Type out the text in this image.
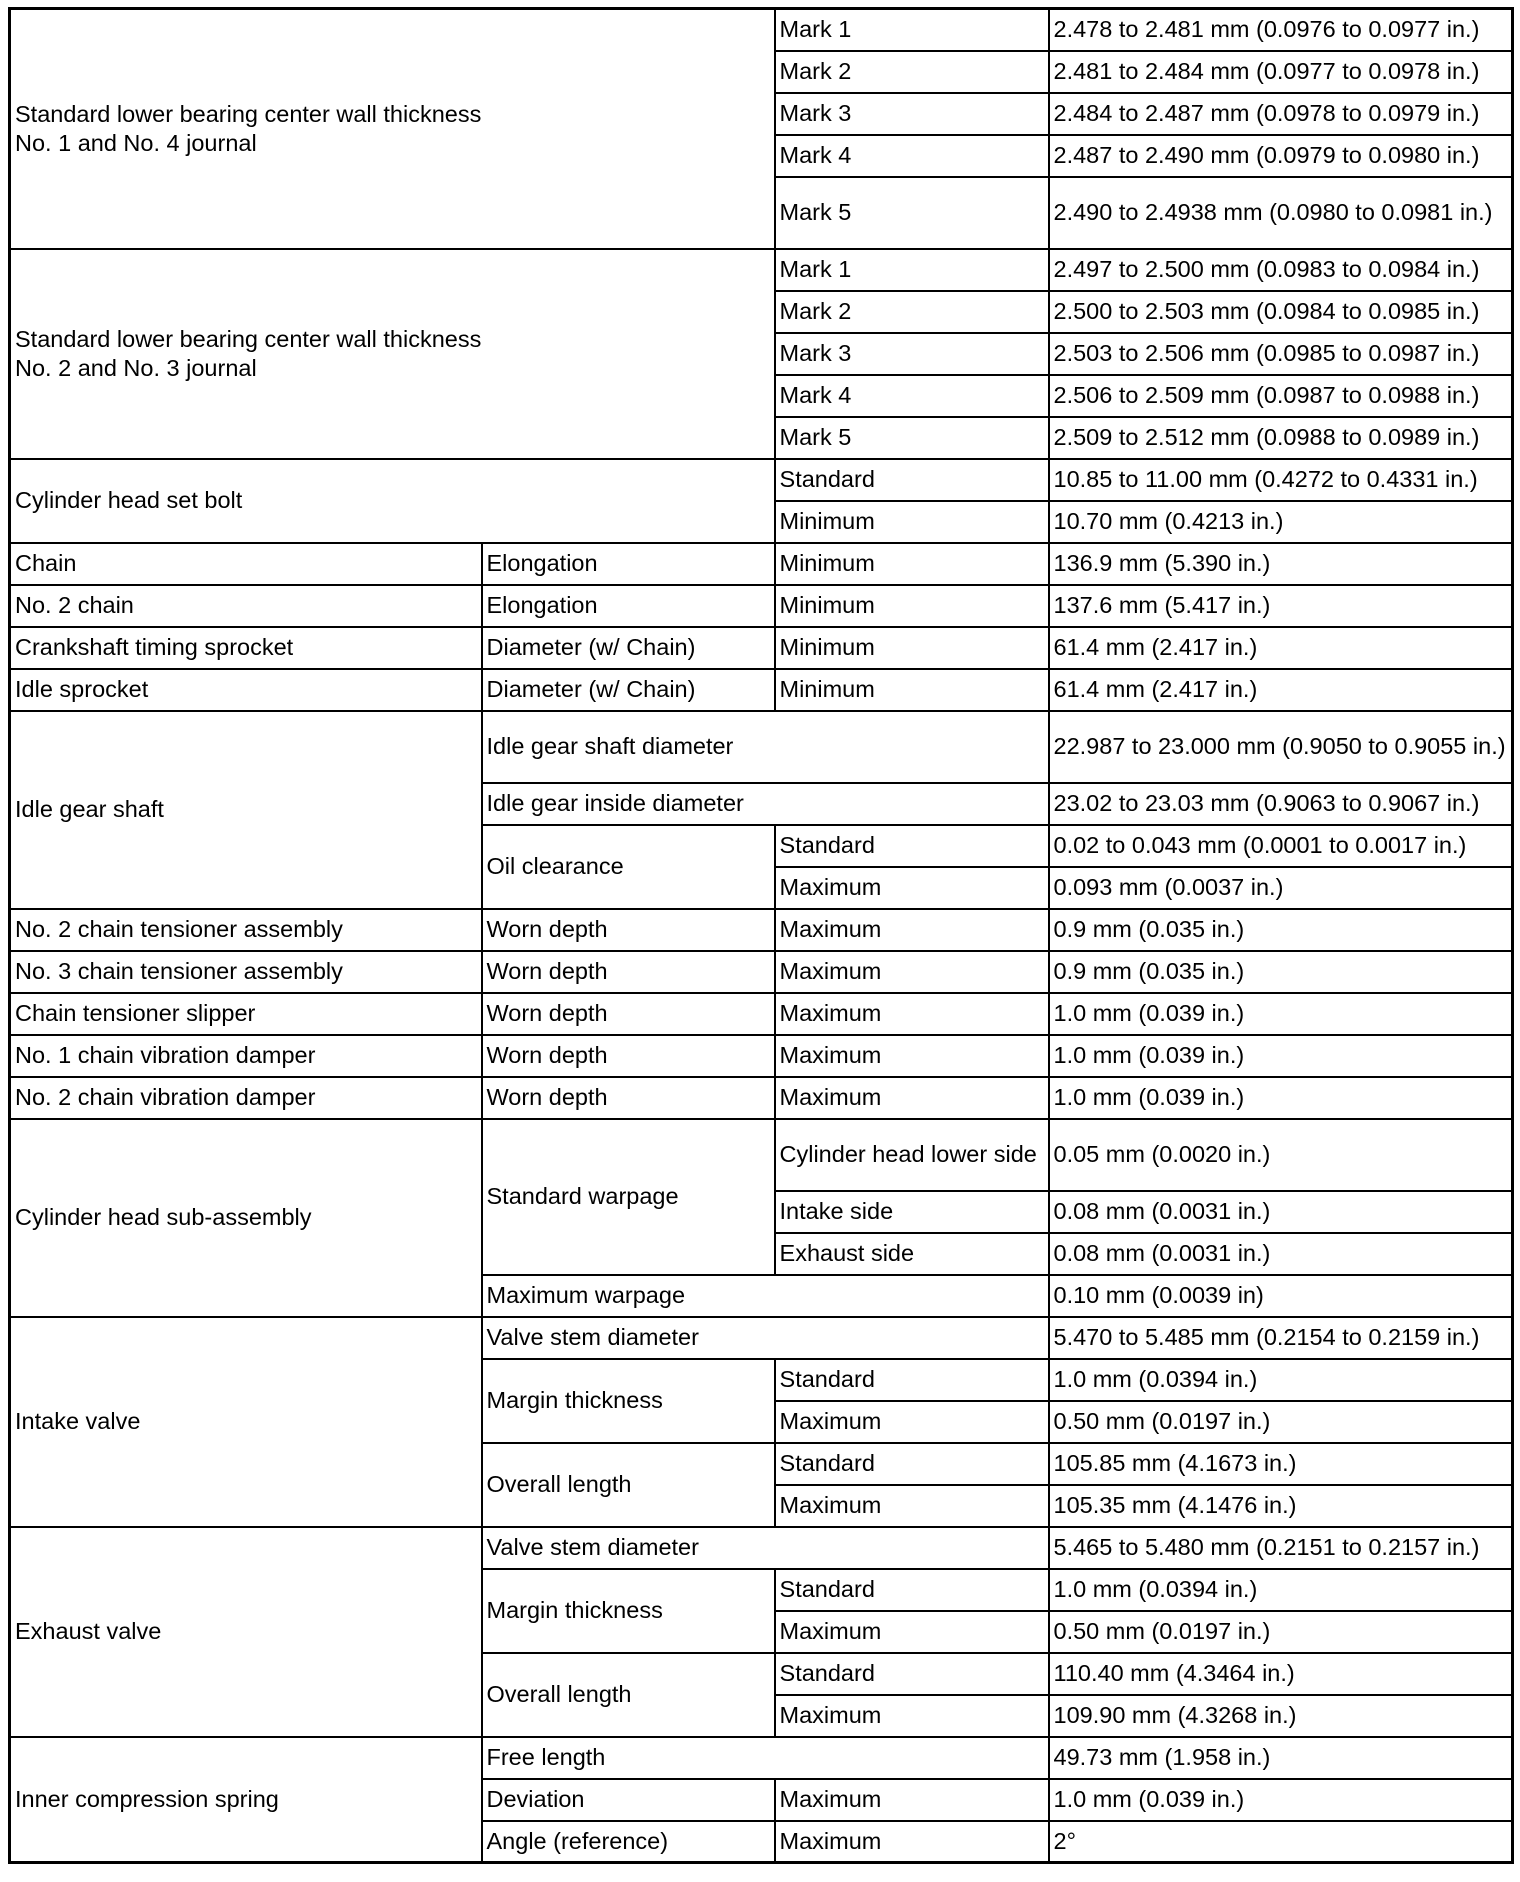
Standard lower bearing center wall thickness
No. 1 and No. 4 journal		Mark 1	2.478 to 2.481 mm (0.0976 to 0.0977 in.)
		Mark 2	2.481 to 2.484 mm (0.0977 to 0.0978 in.)
		Mark 3	2.484 to 2.487 mm (0.0978 to 0.0979 in.)
		Mark 4	2.487 to 2.490 mm (0.0979 to 0.0980 in.)
		Mark 5	2.490 to 2.4938 mm (0.0980 to 0.0981 in.)
Standard lower bearing center wall thickness
No. 2 and No. 3 journal		Mark 1	2.497 to 2.500 mm (0.0983 to 0.0984 in.)
		Mark 2	2.500 to 2.503 mm (0.0984 to 0.0985 in.)
		Mark 3	2.503 to 2.506 mm (0.0985 to 0.0987 in.)
		Mark 4	2.506 to 2.509 mm (0.0987 to 0.0988 in.)
		Mark 5	2.509 to 2.512 mm (0.0988 to 0.0989 in.)
Cylinder head set bolt		Standard	10.85 to 11.00 mm (0.4272 to 0.4331 in.)
		Minimum	10.70 mm (0.4213 in.)
Chain	Elongation	Minimum	136.9 mm (5.390 in.)
No. 2 chain	Elongation	Minimum	137.6 mm (5.417 in.)
Crankshaft timing sprocket	Diameter (w/ Chain)	Minimum	61.4 mm (2.417 in.)
Idle sprocket	Diameter (w/ Chain)	Minimum	61.4 mm (2.417 in.)
Idle gear shaft	Idle gear shaft diameter		22.987 to 23.000 mm (0.9050 to 0.9055 in.)
	Idle gear inside diameter		23.02 to 23.03 mm (0.9063 to 0.9067 in.)
	Oil clearance	Standard	0.02 to 0.043 mm (0.0001 to 0.0017 in.)
		Maximum	0.093 mm (0.0037 in.)
No. 2 chain tensioner assembly	Worn depth	Maximum	0.9 mm (0.035 in.)
No. 3 chain tensioner assembly	Worn depth	Maximum	0.9 mm (0.035 in.)
Chain tensioner slipper	Worn depth	Maximum	1.0 mm (0.039 in.)
No. 1 chain vibration damper	Worn depth	Maximum	1.0 mm (0.039 in.)
No. 2 chain vibration damper	Worn depth	Maximum	1.0 mm (0.039 in.)
Cylinder head sub-assembly	Standard warpage	Cylinder head lower side	0.05 mm (0.0020 in.)
		Intake side	0.08 mm (0.0031 in.)
		Exhaust side	0.08 mm (0.0031 in.)
	Maximum warpage		0.10 mm (0.0039 in)
Intake valve	Valve stem diameter		5.470 to 5.485 mm (0.2154 to 0.2159 in.)
	Margin thickness	Standard	1.0 mm (0.0394 in.)
		Maximum	0.50 mm (0.0197 in.)
	Overall length	Standard	105.85 mm (4.1673 in.)
		Maximum	105.35 mm (4.1476 in.)
Exhaust valve	Valve stem diameter		5.465 to 5.480 mm (0.2151 to 0.2157 in.)
	Margin thickness	Standard	1.0 mm (0.0394 in.)
		Maximum	0.50 mm (0.0197 in.)
	Overall length	Standard	110.40 mm (4.3464 in.)
		Maximum	109.90 mm (4.3268 in.)
Inner compression spring	Free length		49.73 mm (1.958 in.)
	Deviation	Maximum	1.0 mm (0.039 in.)
	Angle (reference)	Maximum	2°
